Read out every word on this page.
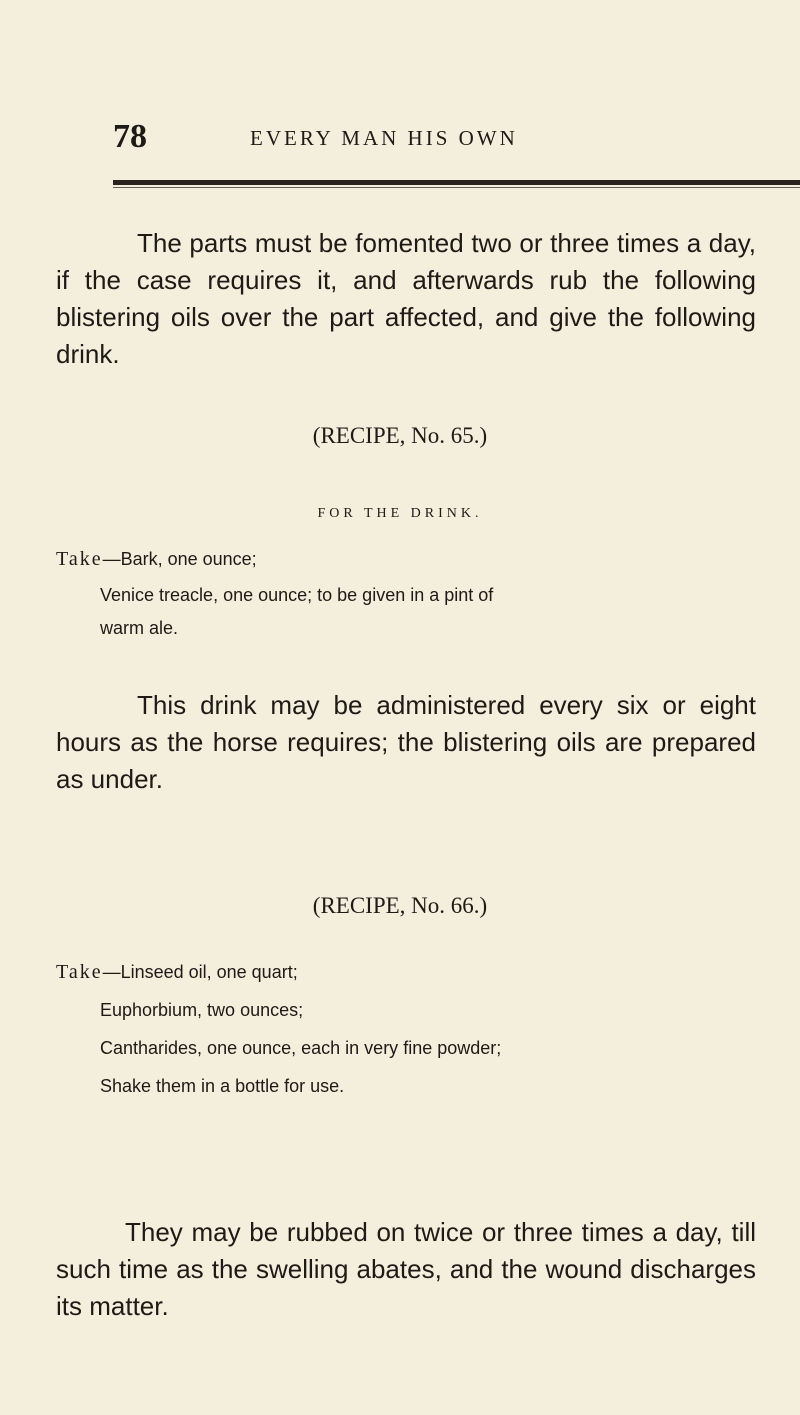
78	EVERY MAN HIS OWN

The parts must be fomented two or three times a day, if the case requires it, and afterwards rub the following blistering oils over the part affected, and give the following drink.

(RECIPE, No. 65.)
FOR THE DRINK.
Take—Bark, one ounce;
Venice treacle, one ounce; to be given in a pint of
warm ale.

This drink may be administered every six or eight hours as the horse requires; the blistering oils are prepared as under.

(RECIPE, No. 66.)
Take—Linseed oil, one quart;
Euphorbium, two ounces;
Cantharides, one ounce, each in very fine powder;
Shake them in a bottle for use.

They may be rubbed on twice or three times a day, till such time as the swelling abates, and the wound discharges its matter.
